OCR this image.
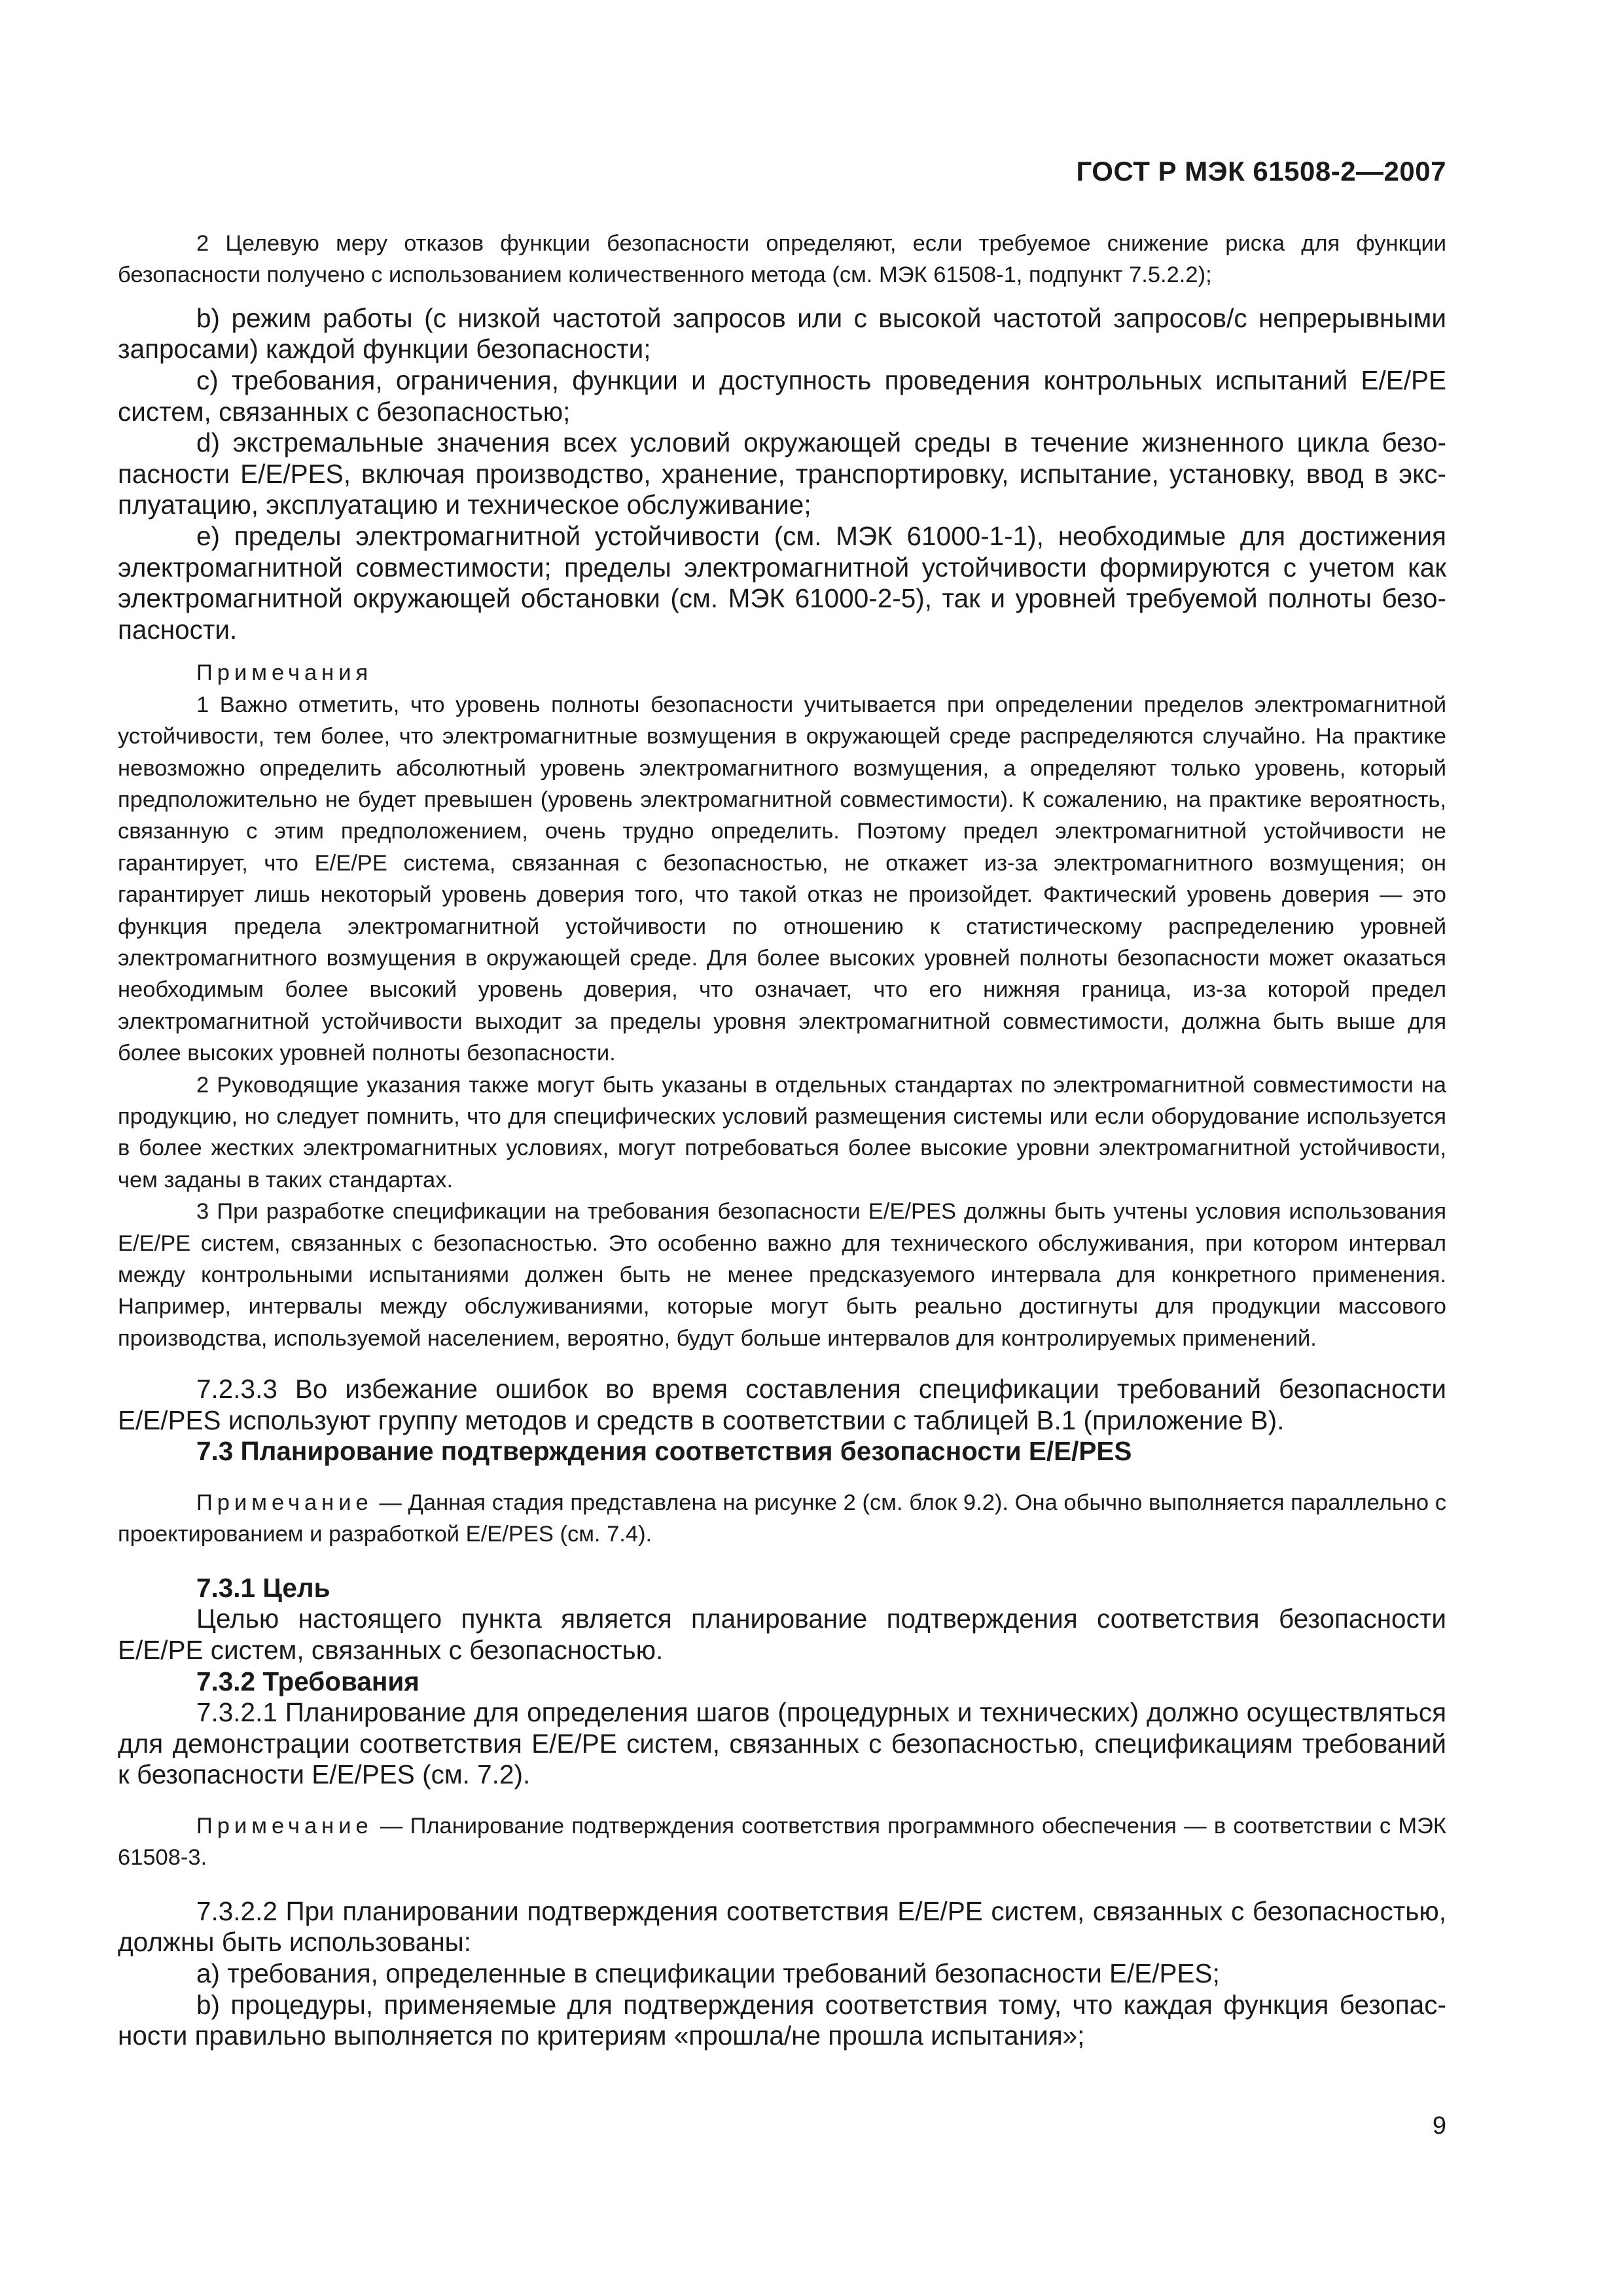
ГОСТ Р МЭК 61508-2—2007

2 Целевую меру отказов функции безопасности определяют, если требуемое снижение риска для функции безопасности получено с использованием количественного метода (см. МЭК 61508-1, подпункт 7.5.2.2);

b) режим работы (с низкой частотой запросов или с высокой частотой запросов/с непрерывными запросами) каждой функции безопасности;

c) требования, ограничения, функции и доступность проведения контрольных испытаний E/E/PE систем, связанных с безопасностью;

d) экстремальные значения всех условий окружающей среды в течение жизненного цикла безопасности E/E/PES, включая производство, хранение, транспортировку, испытание, установку, ввод в эксплуатацию, эксплуатацию и техническое обслуживание;

e) пределы электромагнитной устойчивости (см. МЭК 61000-1-1), необходимые для достижения электромагнитной совместимости; пределы электромагнитной устойчивости формируются с учетом как электромагнитной окружающей обстановки (см. МЭК 61000-2-5), так и уровней требуемой полноты безопасности.

Примечания

1 Важно отметить, что уровень полноты безопасности учитывается при определении пределов электромагнитной устойчивости, тем более, что электромагнитные возмущения в окружающей среде распределяются случайно. На практике невозможно определить абсолютный уровень электромагнитного возмущения, а определяют только уровень, который предположительно не будет превышен (уровень электромагнитной совместимости). К сожалению, на практике вероятность, связанную с этим предположением, очень трудно определить. Поэтому предел электромагнитной устойчивости не гарантирует, что E/E/PE система, связанная с безопасностью, не откажет из-за электромагнитного возмущения; он гарантирует лишь некоторый уровень доверия того, что такой отказ не произойдет. Фактический уровень доверия — это функция предела электромагнитной устойчивости по отношению к статистическому распределению уровней электромагнитного возмущения в окружающей среде. Для более высоких уровней полноты безопасности может оказаться необходимым более высокий уровень доверия, что означает, что его нижняя граница, из-за которой предел электромагнитной устойчивости выходит за пределы уровня электромагнитной совместимости, должна быть выше для более высоких уровней полноты безопасности.

2 Руководящие указания также могут быть указаны в отдельных стандартах по электромагнитной совместимости на продукцию, но следует помнить, что для специфических условий размещения системы или если оборудование используется в более жестких электромагнитных условиях, могут потребоваться более высокие уровни электромагнитной устойчивости, чем заданы в таких стандартах.

3 При разработке спецификации на требования безопасности E/E/PES должны быть учтены условия использования E/E/PE систем, связанных с безопасностью. Это особенно важно для технического обслуживания, при котором интервал между контрольными испытаниями должен быть не менее предсказуемого интервала для конкретного применения. Например, интервалы между обслуживаниями, которые могут быть реально достигнуты для продукции массового производства, используемой населением, вероятно, будут больше интервалов для контролируемых применений.

7.2.3.3 Во избежание ошибок во время составления спецификации требований безопасности E/E/PES используют группу методов и средств в соответствии с таблицей В.1 (приложение В).

7.3 Планирование подтверждения соответствия безопасности E/E/PES

Примечание — Данная стадия представлена на рисунке 2 (см. блок 9.2). Она обычно выполняется параллельно с проектированием и разработкой E/E/PES (см. 7.4).

7.3.1 Цель

Целью настоящего пункта является планирование подтверждения соответствия безопасности E/E/PE систем, связанных с безопасностью.

7.3.2 Требования

7.3.2.1 Планирование для определения шагов (процедурных и технических) должно осуществляться для демонстрации соответствия E/E/PE систем, связанных с безопасностью, спецификациям требований к безопасности E/E/PES (см. 7.2).

Примечание — Планирование подтверждения соответствия программного обеспечения — в соответствии с МЭК 61508-3.

7.3.2.2 При планировании подтверждения соответствия E/E/PE систем, связанных с безопасностью, должны быть использованы:

a) требования, определенные в спецификации требований безопасности E/E/PES;

b) процедуры, применяемые для подтверждения соответствия тому, что каждая функция безопасности правильно выполняется по критериям «прошла/не прошла испытания»;

9
